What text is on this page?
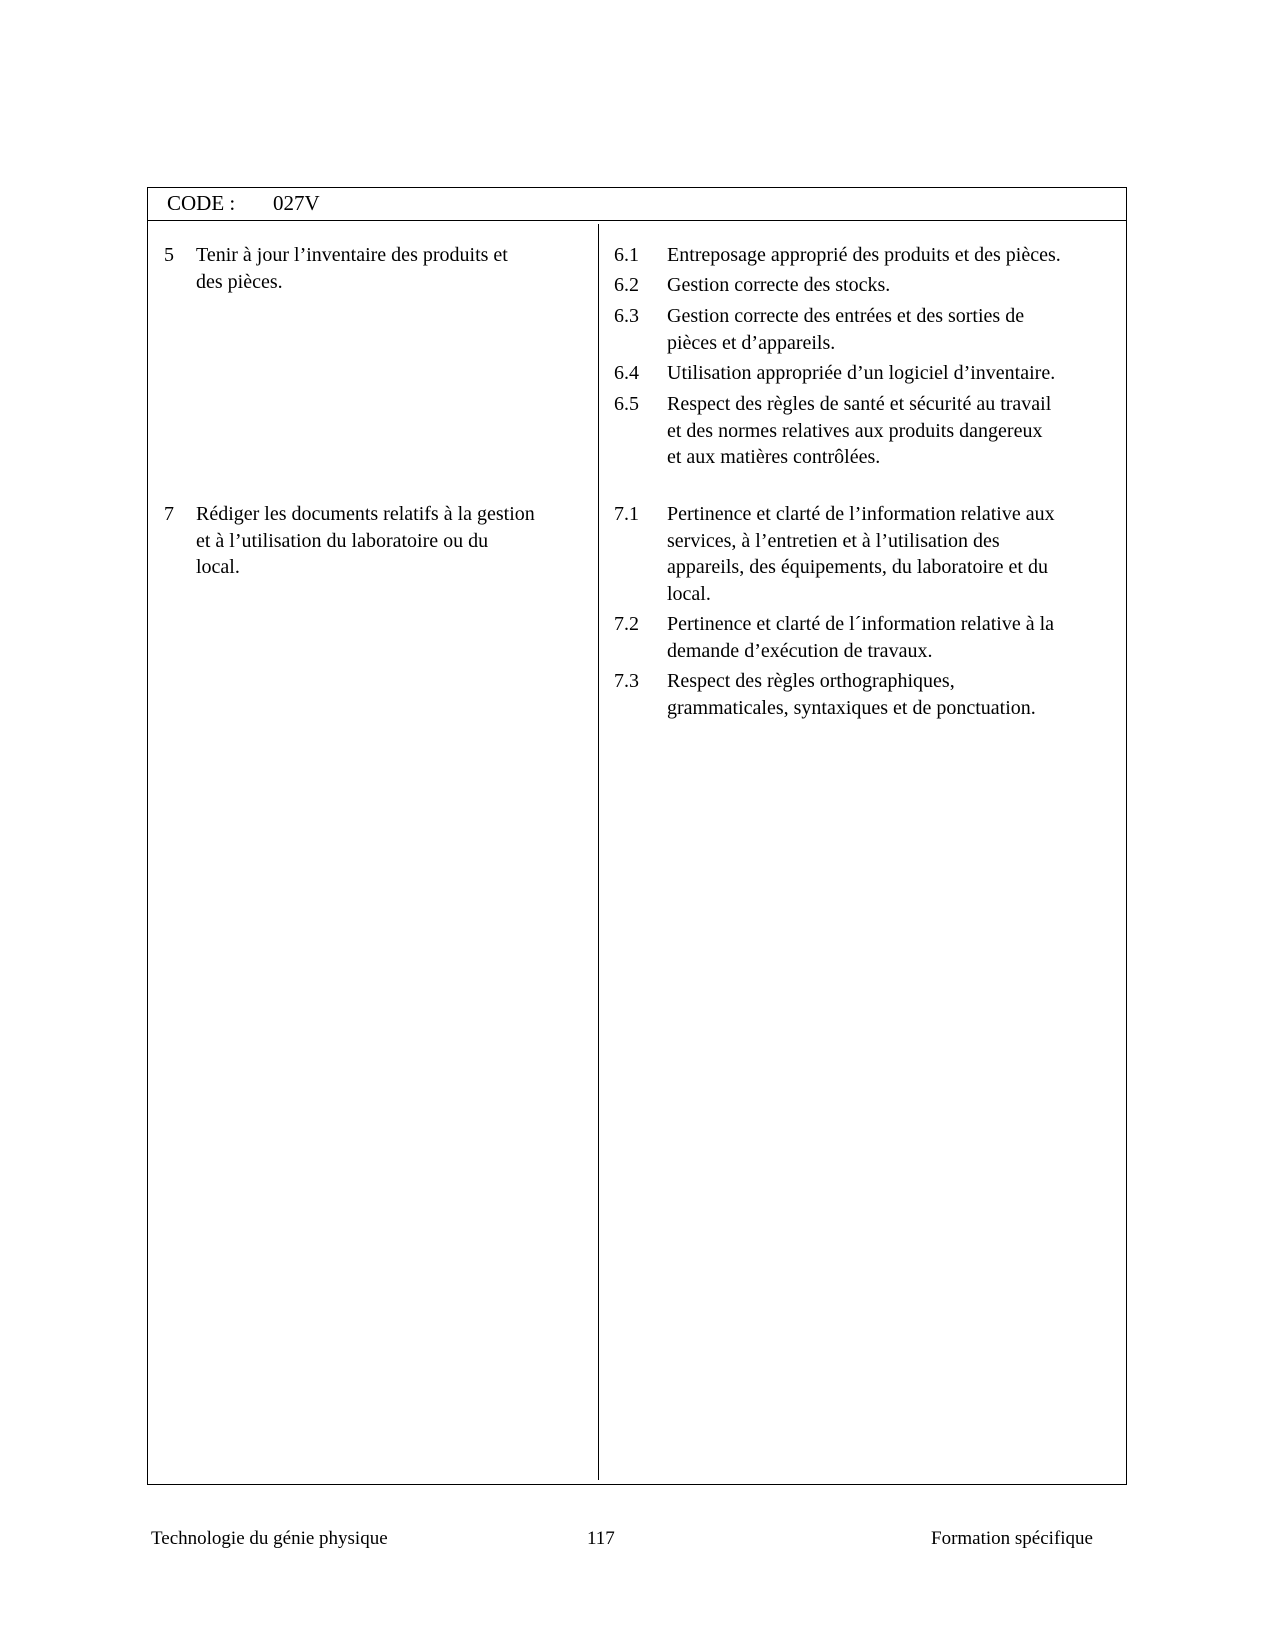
CODE : 027V
5 Tenir à jour l’inventaire des produits et
des pièces.
7 Rédiger les documents relatifs à la gestion
et à l’utilisation du laboratoire ou du
local.
6.1 Entreposage approprié des produits et des pièces.
6.2 Gestion correcte des stocks.
6.3 Gestion correcte des entrées et des sorties de
pièces et d’appareils.
6.4 Utilisation appropriée d’un logiciel d’inventaire.
6.5 Respect des règles de santé et sécurité au travail
et des normes relatives aux produits dangereux
et aux matières contrôlées.
7.1 Pertinence et clarté de l’information relative aux
services, à l’entretien et à l’utilisation des
appareils, des équipements, du laboratoire et du
local.
7.2 Pertinence et clarté de l´information relative à la
demande d’exécution de travaux.
7.3 Respect des règles orthographiques,
grammaticales, syntaxiques et de ponctuation.
Technologie du génie physique	117	Formation spécifique
